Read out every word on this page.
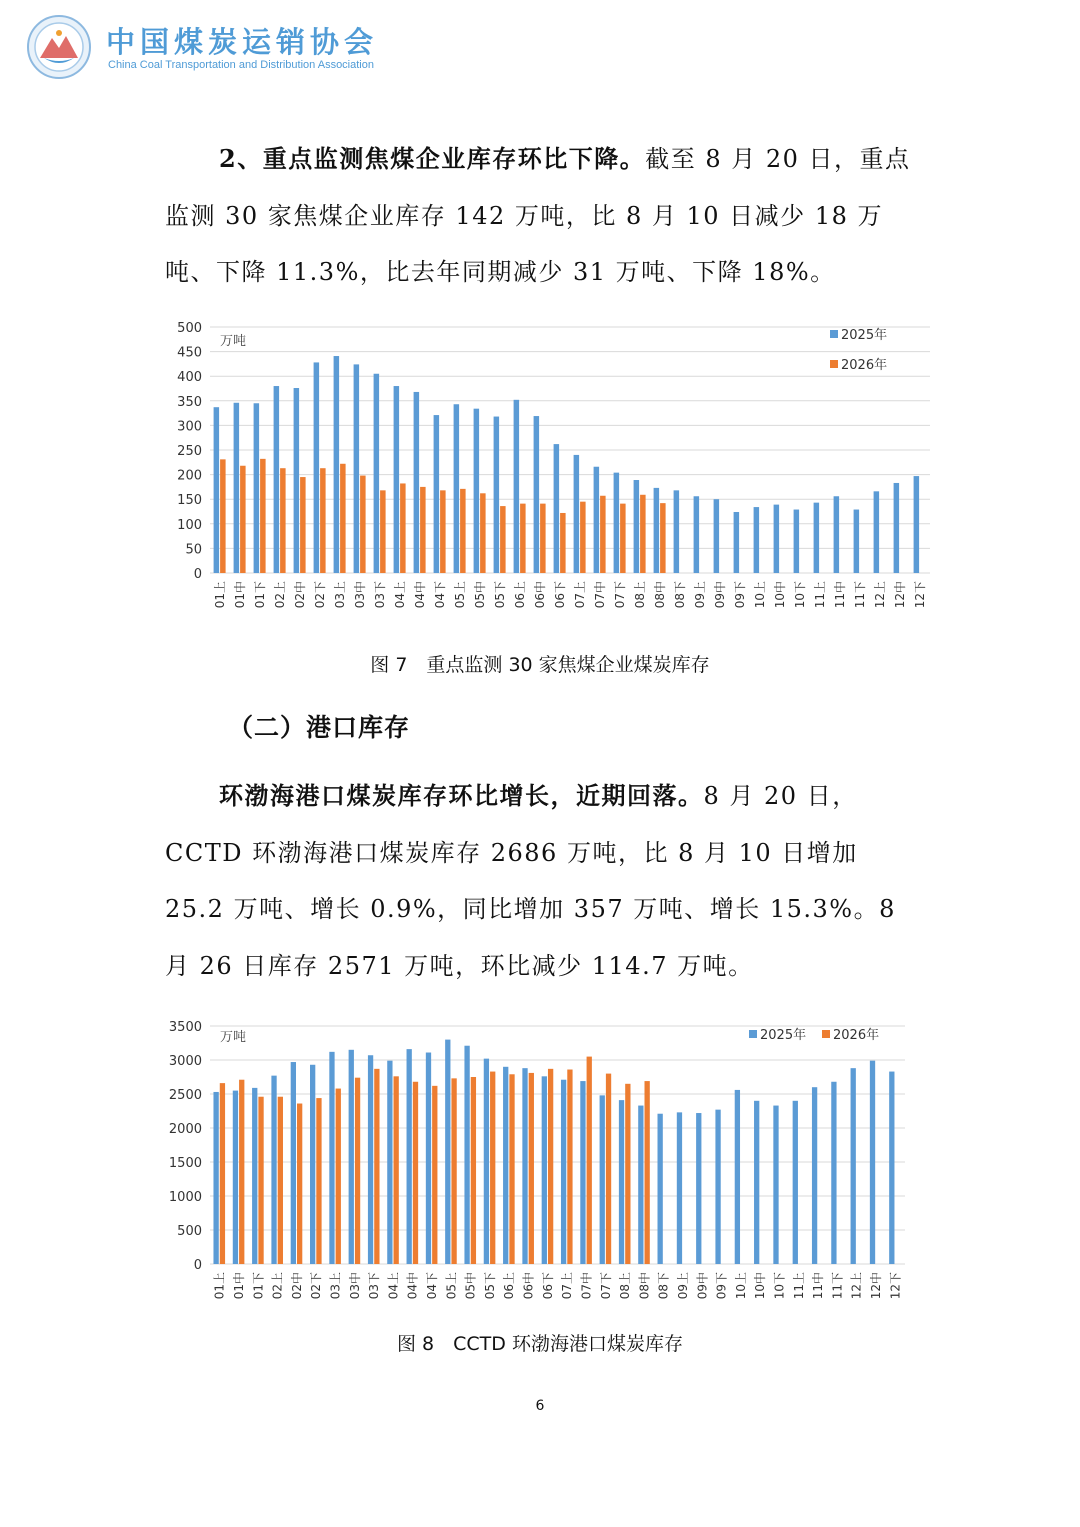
中国煤炭运销协会
China Coal Transportation and Distribution Association

2、重点监测焦煤企业库存环比下降。截至 8 月 20 日，重点监测 30 家焦煤企业库存 142 万吨，比 8 月 10 日减少 18 万吨、下降 11.3%，比去年同期减少 31 万吨、下降 18%。

0
50
100
150
200
250
300
350
400
450
500
万吨
01上 01中 01下 02上 02中 02下 03上 03中 03下 04上 04中 04下 05上 05中 05下 06上 06中 06下 07上 07中 07下 08上 08中 08下 09上 09中 09下 10上 10中 10下 11上 11中 11下 12上 12中 12下
2025年
2026年
图 7　重点监测 30 家焦煤企业煤炭库存
（二）港口库存

环渤海港口煤炭库存环比增长，近期回落。8 月 20 日，CCTD 环渤海港口煤炭库存 2686 万吨，比 8 月 10 日增加 25.2 万吨、增长 0.9%，同比增加 357 万吨、增长 15.3%。8 月 26 日库存 2571 万吨，环比减少 114.7 万吨。

0
500
1000
1500
2000
2500
3000
3500
万吨
01上 01中 01下 02上 02中 02下 03上 03中 03下 04上 04中 04下 05上 05中 05下 06上 06中 06下 07上 07中 07下 08上 08中 08下 09上 09中 09下 10上 10中 10下 11上 11中 11下 12上 12中 12下
2025年 2026年
图 8　CCTD 环渤海港口煤炭库存
6
